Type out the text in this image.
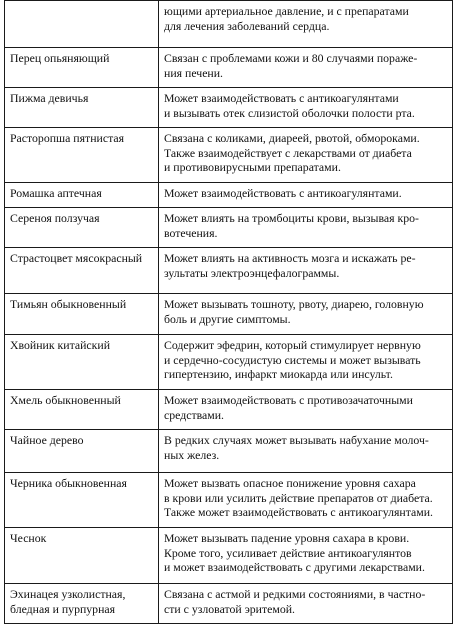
	ющими артериальное давление, и с препаратами
для лечения заболеваний сердца.

Перец опьяняющий	Связан с проблемами кожи и 80 случаями пораже-
ния печени.

Пижма девичья	Может взаимодействовать с антикоагулянтами
и вызывать отек слизистой оболочки полости рта.

Расторопша пятнистая	Связана с коликами, диареей, рвотой, обмороками.
Также взаимодействует с лекарствами от диабета
и противовирусными препаратами.

Ромашка аптечная	Может взаимодействовать с антикоагулянтами.

Сереноя ползучая	Может влиять на тромбоциты крови, вызывая кро-
вотечения.

Страстоцвет мясокрасный	Может влиять на активность мозга и искажать ре-
зультаты электроэнцефалограммы.

Тимьян обыкновенный	Может вызывать тошноту, рвоту, диарею, головную
боль и другие симптомы.

Хвойник китайский	Содержит эфедрин, который стимулирует нервную
и сердечно-сосудистую системы и может вызывать
гипертензию, инфаркт миокарда или инсульт.

Хмель обыкновенный	Может взаимодействовать с противозачаточными
средствами.

Чайное дерево	В редких случаях может вызывать набухание молоч-
ных желез.

Черника обыкновенная	Может вызвать опасное понижение уровня сахара
в крови или усилить действие препаратов от диабета.
Также может взаимодействовать с антикоагулянтами.

Чеснок	Может вызывать падение уровня сахара в крови.
Кроме того, усиливает действие антикоагулянтов
и может взаимодействовать с другими лекарствами.

Эхинацея узколистная,
бледная и пурпурная	Связана с астмой и редкими состояниями, в частно-
сти с узловатой эритемой.
